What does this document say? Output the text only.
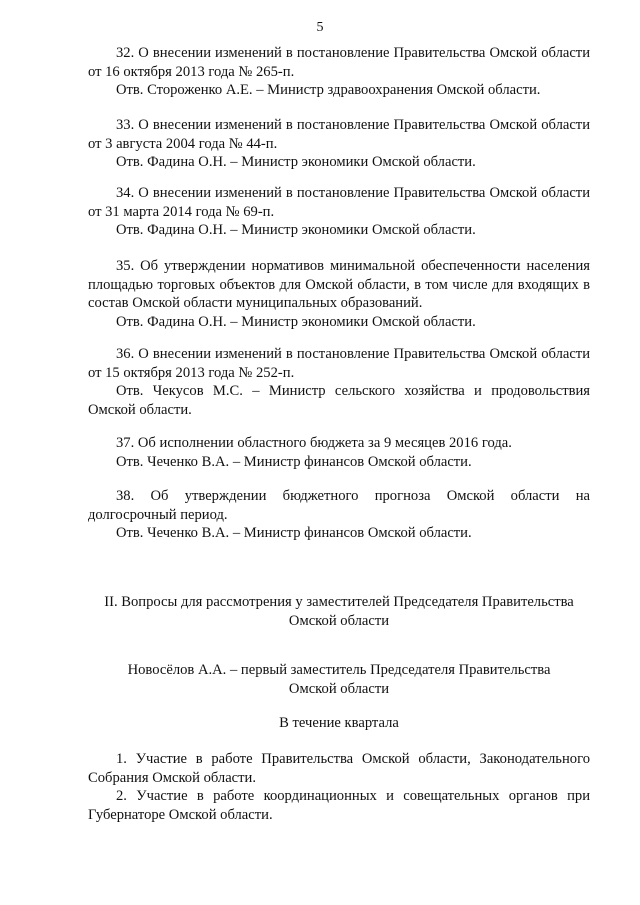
5

32. О внесении изменений в постановление Правительства Омской области от 16 октября 2013 года № 265-п.

Отв. Стороженко А.Е. – Министр здравоохранения Омской области.

33. О внесении изменений в постановление Правительства Омской области от 3 августа 2004 года № 44-п.

Отв. Фадина О.Н. – Министр экономики Омской области.

34. О внесении изменений в постановление Правительства Омской области от 31 марта 2014 года № 69-п.

Отв. Фадина О.Н. – Министр экономики Омской области.

35. Об утверждении нормативов минимальной обеспеченности населения площадью торговых объектов для Омской области, в том числе для входящих в состав Омской области муниципальных образований.

Отв. Фадина О.Н. – Министр экономики Омской области.

36. О внесении изменений в постановление Правительства Омской области от 15 октября 2013 года № 252-п.

Отв. Чекусов М.С. – Министр сельского хозяйства и продовольствия Омской области.

37. Об исполнении областного бюджета за 9 месяцев 2016 года.

Отв. Чеченко В.А. – Министр финансов Омской области.

38. Об утверждении бюджетного прогноза Омской области на долгосрочный период.

Отв. Чеченко В.А. – Министр финансов Омской области.

II. Вопросы для рассмотрения у заместителей Председателя Правительства

Омской области

Новосёлов А.А. – первый заместитель Председателя Правительства

Омской области

В течение квартала

1. Участие в работе Правительства Омской области, Законодательного Собрания Омской области.

2. Участие в работе координационных и совещательных органов при Губернаторе Омской области.
